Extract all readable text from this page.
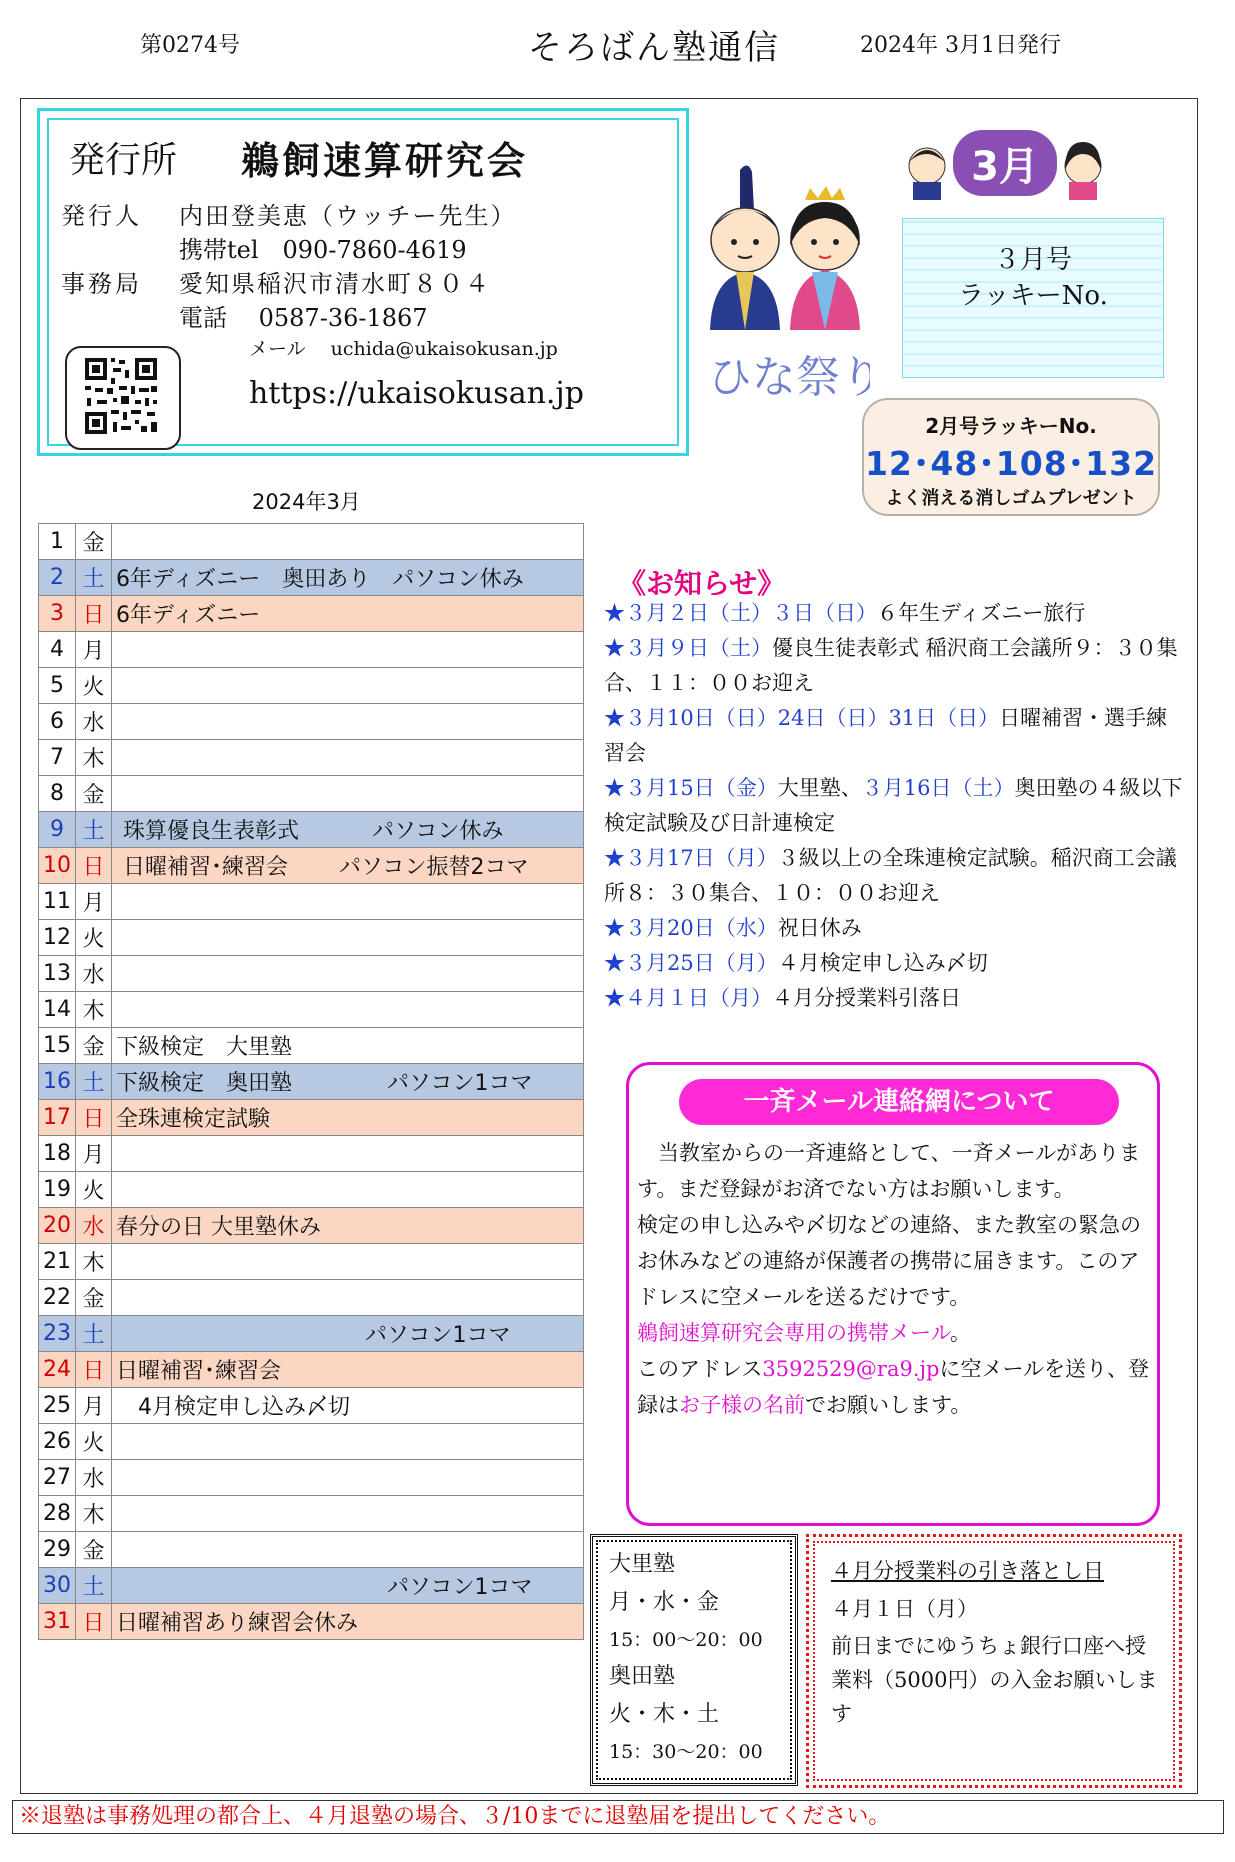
第0274号	そろばん塾通信	2024年 3月1日発行
発行所 鵜飼速算研究会
発行人 内田登美恵（ウッチー先生）
携帯tel　090-7860-4619
事務局 愛知県稲沢市清水町８０４
電話　 0587-36-1867
メール　 uchida@ukaisokusan.jp
https://ukaisokusan.jp	ひな祭り
3月
３月号
ラッキーNo.
2月号ラッキーNo.
12･48･108･132
よく消える消しゴムプレゼント
2024年3月
1	金	
2	土	6年ディズニー　奥田あり　パソコン休み
3	日	6年ディズニー
4	月	
5	火	
6	水	
7	木	
8	金	
9	土	珠算優良生表彰式　　　 パソコン休み
10	日	日曜補習･練習会　　 パソコン振替2コマ
11	月	
12	火	
13	水	
14	木	
15	金	下級検定　大里塾
16	土	下級検定　奥田塾　　　　 パソコン1コマ
17	日	全珠連検定試験
18	月	
19	火	
20	水	春分の日 大里塾休み
21	木	
22	金	
23	土	　　　　　　　　　　　 パソコン1コマ
24	日	日曜補習･練習会
25	月	　4月検定申し込み〆切
26	火	
27	水	
28	木	
29	金	
30	土	　　　　　　　　　　　　 パソコン1コマ
31	日	日曜補習あり練習会休み
《お知らせ》
★３月２日（土）３日（日）６年生ディズニー旅行
★３月９日（土）優良生徒表彰式 稲沢商工会議所９：３０集合、１１：００お迎え
★３月10日（日）24日（日）31日（日）日曜補習・選手練習会
★３月15日（金）大里塾、３月16日（土）奥田塾の４級以下検定試験及び日計連検定
★３月17日（月）３級以上の全珠連検定試験。稲沢商工会議所８：３０集合、１０：００お迎え
★３月20日（水）祝日休み
★３月25日（月）４月検定申し込み〆切
★４月１日（月）４月分授業料引落日
一斉メール連絡網について
　当教室からの一斉連絡として、一斉メールがあります。まだ登録がお済でない方はお願いします。
検定の申し込みや〆切などの連絡、また教室の緊急のお休みなどの連絡が保護者の携帯に届きます。このアドレスに空メールを送るだけです。
鵜飼速算研究会専用の携帯メール。
このアドレス3592529@ra9.jpに空メールを送り、登録はお子様の名前でお願いします。
大里塾
月・水・金
15：00～20：00
奥田塾
火・木・土
15：30～20：00
４月分授業料の引き落とし日
４月１日（月）
前日までにゆうちょ銀行口座へ授業料（5000円）の入金お願いします
※退塾は事務処理の都合上、４月退塾の場合、３/10までに退塾届を提出してください。
